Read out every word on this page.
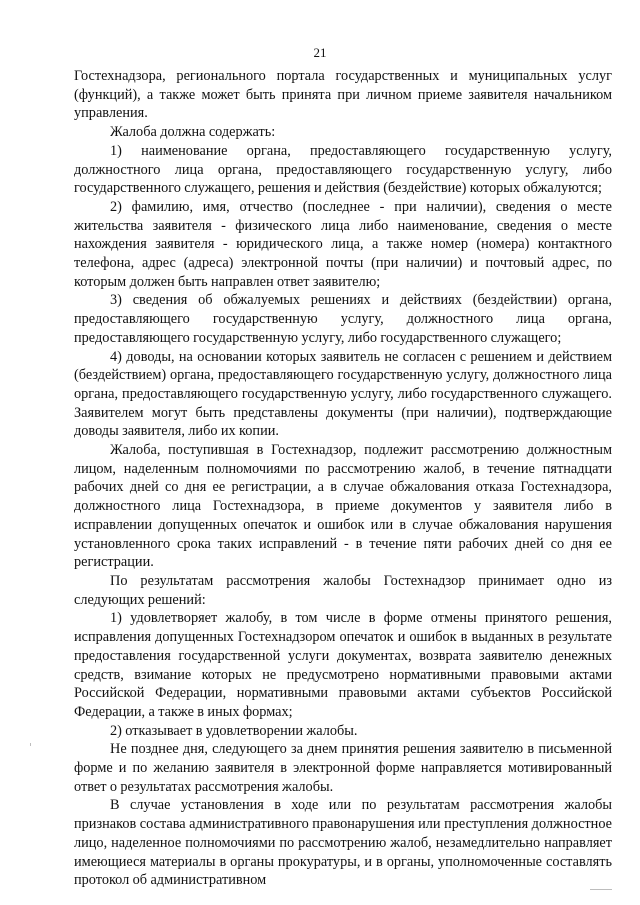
21

Гостехнадзора, регионального портала государственных и муниципальных услуг (функций), а также может быть принята при личном приеме заявителя начальником управления.

Жалоба должна содержать:

1) наименование органа, предоставляющего государственную услугу, должностного лица органа, предоставляющего государственную услугу, либо государственного служащего, решения и действия (бездействие) которых обжалуются;

2) фамилию, имя, отчество (последнее - при наличии), сведения о месте жительства заявителя - физического лица либо наименование, сведения о месте нахождения заявителя - юридического лица, а также номер (номера) контактного телефона, адрес (адреса) электронной почты (при наличии) и почтовый адрес, по которым должен быть направлен ответ заявителю;

3) сведения об обжалуемых решениях и действиях (бездействии) органа, предоставляющего государственную услугу, должностного лица органа, предоставляющего государственную услугу, либо государственного служащего;

4) доводы, на основании которых заявитель не согласен с решением и действием (бездействием) органа, предоставляющего государственную услугу, должностного лица органа, предоставляющего государственную услугу, либо государственного служащего. Заявителем могут быть представлены документы (при наличии), подтверждающие доводы заявителя, либо их копии.

Жалоба, поступившая в Гостехнадзор, подлежит рассмотрению должностным лицом, наделенным полномочиями по рассмотрению жалоб, в течение пятнадцати рабочих дней со дня ее регистрации, а в случае обжалования отказа Гостехнадзора, должностного лица Гостехнадзора, в приеме документов у заявителя либо в исправлении допущенных опечаток и ошибок или в случае обжалования нарушения установленного срока таких исправлений - в течение пяти рабочих дней со дня ее регистрации.

По результатам рассмотрения жалобы Гостехнадзор принимает одно из следующих решений:

1) удовлетворяет жалобу, в том числе в форме отмены принятого решения, исправления допущенных Гостехнадзором опечаток и ошибок в выданных в результате предоставления государственной услуги документах, возврата заявителю денежных средств, взимание которых не предусмотрено нормативными правовыми актами Российской Федерации, нормативными правовыми актами субъектов Российской Федерации, а также в иных формах;

2) отказывает в удовлетворении жалобы.

Не позднее дня, следующего за днем принятия решения заявителю в письменной форме и по желанию заявителя в электронной форме направляется мотивированный ответ о результатах рассмотрения жалобы.

В случае установления в ходе или по результатам рассмотрения жалобы признаков состава административного правонарушения или преступления должностное лицо, наделенное полномочиями по рассмотрению жалоб, незамедлительно направляет имеющиеся материалы в органы прокуратуры, и в органы, уполномоченные составлять протокол об административном
